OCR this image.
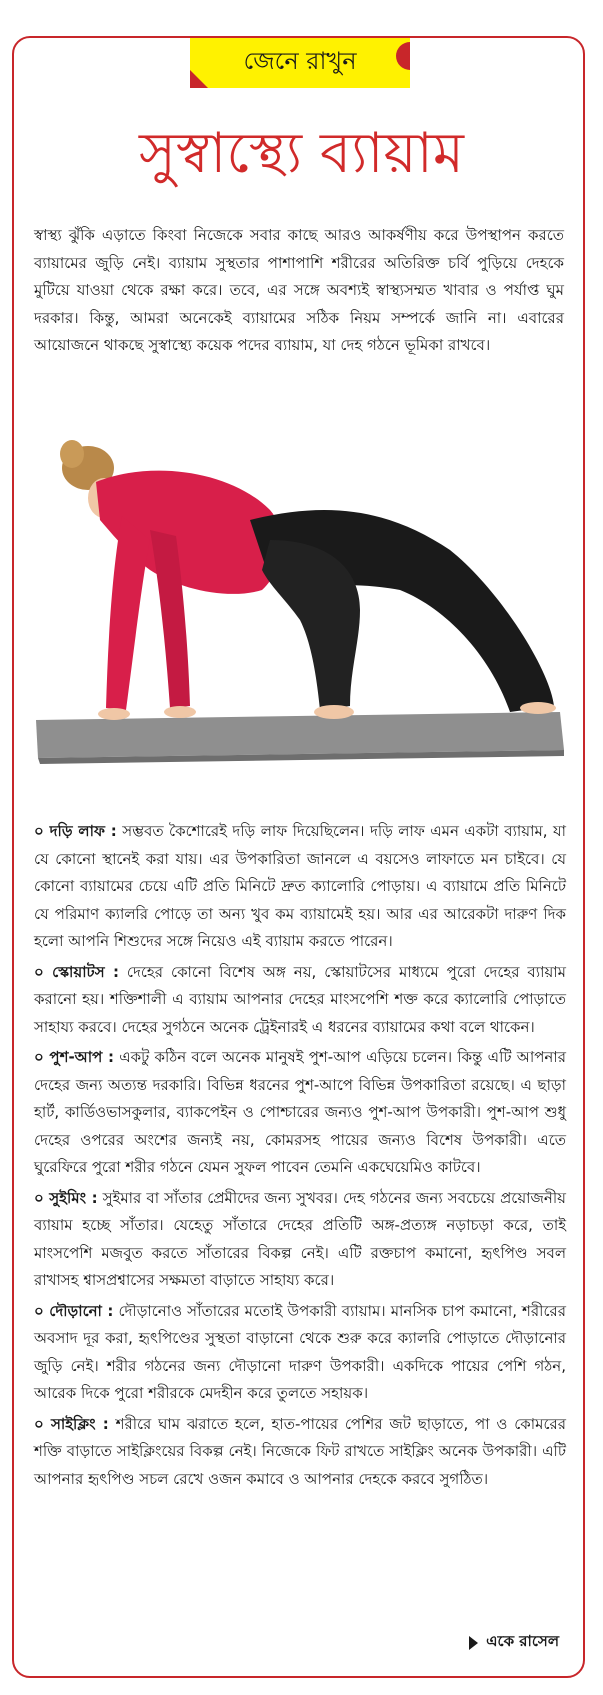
জেনে রাখুন
সুস্বাস্থ্যে ব্যায়াম

স্বাস্থ্য ঝুঁকি এড়াতে কিংবা নিজেকে সবার কাছে আরও আকর্ষণীয় করে উপস্থাপন করতে ব্যায়ামের জুড়ি নেই। ব্যায়াম সুস্থতার পাশাপাশি শরীরের অতিরিক্ত চর্বি পুড়িয়ে দেহকে মুটিয়ে যাওয়া থেকে রক্ষা করে। তবে, এর সঙ্গে অবশ্যই স্বাস্থ্যসম্মত খাবার ও পর্যাপ্ত ঘুম দরকার। কিন্তু, আমরা অনেকেই ব্যায়ামের সঠিক নিয়ম সম্পর্কে জানি না। এবারের আয়োজনে থাকছে সুস্বাস্থ্যে কয়েক পদের ব্যায়াম, যা দেহ গঠনে ভূমিকা রাখবে।

০ দড়ি লাফ : সম্ভবত কৈশোরেই দড়ি লাফ দিয়েছিলেন। দড়ি লাফ এমন একটা ব্যায়াম, যা যে কোনো স্থানেই করা যায়। এর উপকারিতা জানলে এ বয়সেও লাফাতে মন চাইবে। যে কোনো ব্যায়ামের চেয়ে এটি প্রতি মিনিটে দ্রুত ক্যালোরি পোড়ায়। এ ব্যায়ামে প্রতি মিনিটে যে পরিমাণ ক্যালরি পোড়ে তা অন্য খুব কম ব্যায়ামেই হয়। আর এর আরেকটা দারুণ দিক হলো আপনি শিশুদের সঙ্গে নিয়েও এই ব্যায়াম করতে পারেন।

০ স্কোয়াটস : দেহের কোনো বিশেষ অঙ্গ নয়, স্কোয়াটসের মাধ্যমে পুরো দেহের ব্যায়াম করানো হয়। শক্তিশালী এ ব্যায়াম আপনার দেহের মাংসপেশি শক্ত করে ক্যালোরি পোড়াতে সাহায্য করবে। দেহের সুগঠনে অনেক ট্রেইনারই এ ধরনের ব্যায়ামের কথা বলে থাকেন।

০ পুশ-আপ : একটু কঠিন বলে অনেক মানুষই পুশ-আপ এড়িয়ে চলেন। কিন্তু এটি আপনার দেহের জন্য অত্যন্ত দরকারি। বিভিন্ন ধরনের পুশ-আপে বিভিন্ন উপকারিতা রয়েছে। এ ছাড়া হার্ট, কার্ডিওভাসকুলার, ব্যাকপেইন ও পোশ্চারের জন্যও পুশ-আপ উপকারী। পুশ-আপ শুধু দেহের ওপরের অংশের জন্যই নয়, কোমরসহ পায়ের জন্যও বিশেষ উপকারী। এতে ঘুরেফিরে পুরো শরীর গঠনে যেমন সুফল পাবেন তেমনি একঘেয়েমিও কাটবে।

০ সুইমিং : সুইমার বা সাঁতার প্রেমীদের জন্য সুখবর। দেহ গঠনের জন্য সবচেয়ে প্রয়োজনীয় ব্যায়াম হচ্ছে সাঁতার। যেহেতু সাঁতারে দেহের প্রতিটি অঙ্গ-প্রত্যঙ্গ নড়াচড়া করে, তাই মাংসপেশি মজবুত করতে সাঁতারের বিকল্প নেই। এটি রক্তচাপ কমানো, হৃৎপিণ্ড সবল রাখাসহ শ্বাসপ্রশ্বাসের সক্ষমতা বাড়াতে সাহায্য করে।

০ দৌড়ানো : দৌড়ানোও সাঁতারের মতোই উপকারী ব্যায়াম। মানসিক চাপ কমানো, শরীরের অবসাদ দূর করা, হৃৎপিণ্ডের সুস্থতা বাড়ানো থেকে শুরু করে ক্যালরি পোড়াতে দৌড়ানোর জুড়ি নেই। শরীর গঠনের জন্য দৌড়ানো দারুণ উপকারী। একদিকে পায়ের পেশি গঠন, আরেক দিকে পুরো শরীরকে মেদহীন করে তুলতে সহায়ক।

০ সাইক্লিং : শরীরে ঘাম ঝরাতে হলে, হাত-পায়ের পেশির জট ছাড়াতে, পা ও কোমরের শক্তি বাড়াতে সাইক্লিংয়ের বিকল্প নেই। নিজেকে ফিট রাখতে সাইক্লিং অনেক উপকারী। এটি আপনার হৃৎপিণ্ড সচল রেখে ওজন কমাবে ও আপনার দেহকে করবে সুগঠিত।

একে রাসেল
